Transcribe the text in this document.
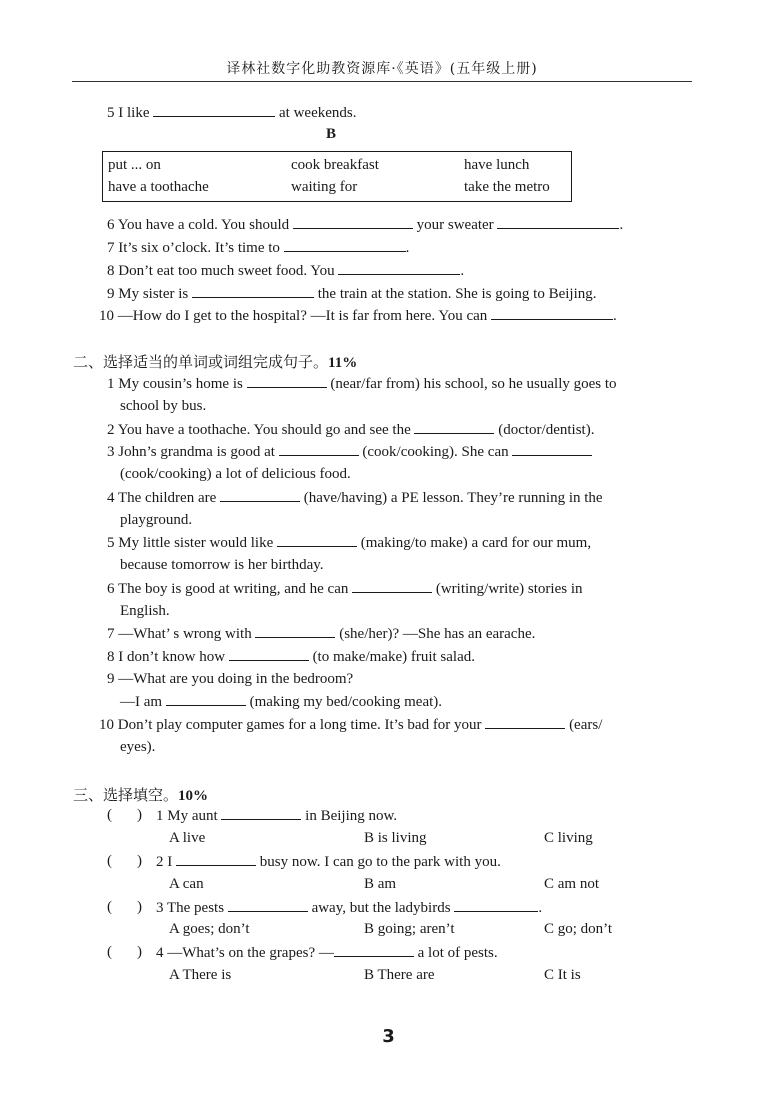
译林社数字化助教资源库·《英语》(五年级上册)
5 I like	at weekends.
B
put ... on	cook breakfast	have lunch
have a toothache	waiting for	take the metro
6 You have a cold. You should	your sweater	.
7 It’s six o’clock. It’s time to	.
8 Don’t eat too much sweet food. You	.
9 My sister is	the train at the station. She is going to Beijing.
10 —How do I get to the hospital? —It is far from here. You can	.
二、选择适当的单词或词组完成句子。11%
1 My cousin’s home is	(near/far from) his school, so he usually goes to
school by bus.
2 You have a toothache. You should go and see the	(doctor/dentist).
3 John’s grandma is good at	(cook/cooking). She can
(cook/cooking) a lot of delicious food.
4 The children are	(have/having) a PE lesson. They’re running in the
playground.
5 My little sister would like	(making/to make) a card for our mum,
because tomorrow is her birthday.
6 The boy is good at writing, and he can	(writing/write) stories in
English.
7 —What’ s wrong with	(she/her)? —She has an earache.
8 I don’t know how	(to make/make) fruit salad.
9 —What are you doing in the bedroom?
—I am	(making my bed/cooking meat).
10 Don’t play computer games for a long time. It’s bad for your	(ears/
eyes).
三、选择填空。10%
( ) 1 My aunt	in Beijing now.
A live	B is living	C living
( ) 2 I	busy now. I can go to the park with you.
A can	B am	C am not
( ) 3 The pests	away, but the ladybirds	.
A goes; don’t	B going; aren’t	C go; don’t
( ) 4 —What’s on the grapes? —	a lot of pests.
A There is	B There are	C It is
3
